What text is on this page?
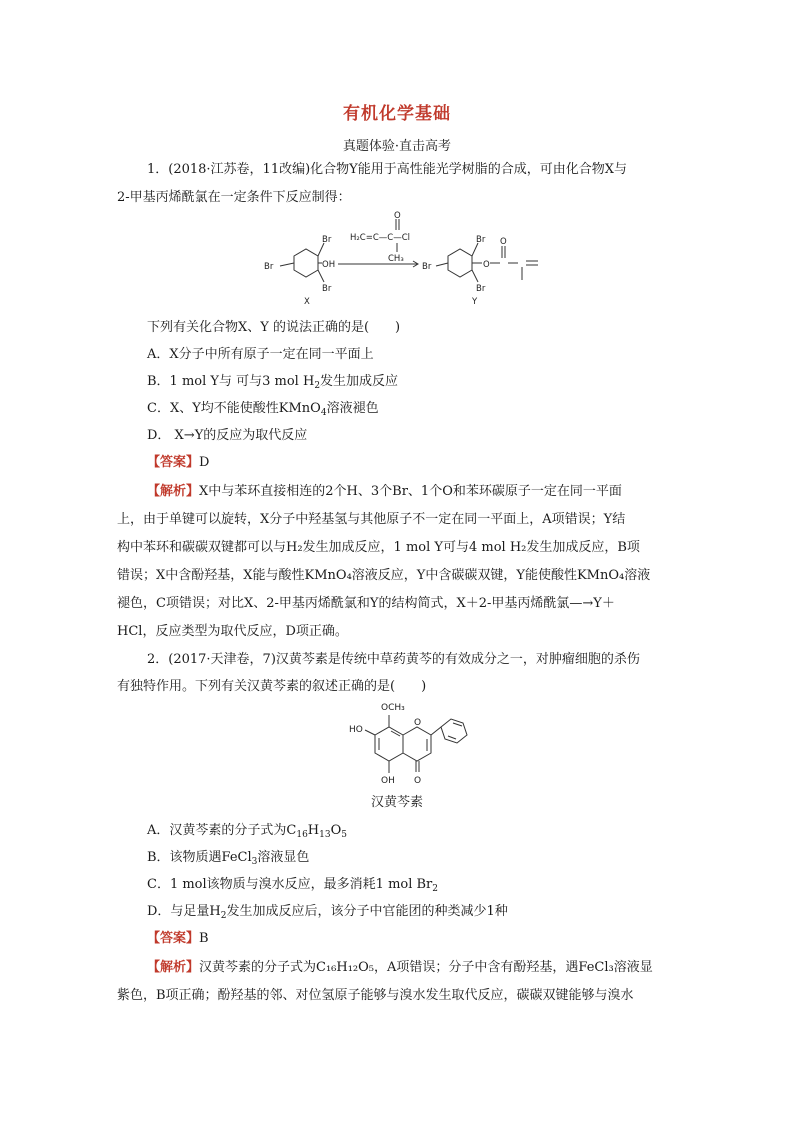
有机化学基础
真题体验·直击高考
1．(2018·江苏卷，11改编)化合物Y能用于高性能光学树脂的合成，可由化合物X与
2-甲基丙烯酰氯在一定条件下反应制得：
O
H₂C=C—C—Cl
CH₃
Br
OH
Br
Br
X
Br
Br	O
O
Br
Y
下列有关化合物X、Y 的说法正确的是(　　)
A．X分子中所有原子一定在同一平面上
B．1 mol Y与 可与3 mol $H_2$发生加成反应
C．X、Y均不能使酸性KMnO$_4$溶液褪色
D． X→Y的反应为取代反应
【答案】D
【解析】X中与苯环直接相连的2个H、3个Br、1个O和苯环碳原子一定在同一平面
上，由于单键可以旋转，X分子中羟基氢与其他原子不一定在同一平面上，A项错误；Y结
构中苯环和碳碳双键都可以与H₂发生加成反应，1 mol Y可与4 mol H₂发生加成反应，B项
错误；X中含酚羟基，X能与酸性KMnO₄溶液反应，Y中含碳碳双键，Y能使酸性KMnO₄溶液
褪色，C项错误；对比X、2-甲基丙烯酰氯和Y的结构简式，X＋2-甲基丙烯酰氯—→Y＋
HCl，反应类型为取代反应，D项正确。
2．(2017·天津卷，7)汉黄芩素是传统中草药黄芩的有效成分之一，对肿瘤细胞的杀伤
有独特作用。下列有关汉黄芩素的叙述正确的是(　　)
OCH₃
O
HO
OH O
汉黄芩素
A．汉黄芩素的分子式为$C_{16}H_{13}O_5$
B．该物质遇FeCl$_3$溶液显色
C．1 mol该物质与溴水反应，最多消耗1 mol $Br_2$
D．与足量$H_2$发生加成反应后，该分子中官能团的种类减少1种
【答案】B
【解析】汉黄芩素的分子式为C₁₆H₁₂O₅，A项错误；分子中含有酚羟基，遇FeCl₃溶液显
紫色，B项正确；酚羟基的邻、对位氢原子能够与溴水发生取代反应，碳碳双键能够与溴水
